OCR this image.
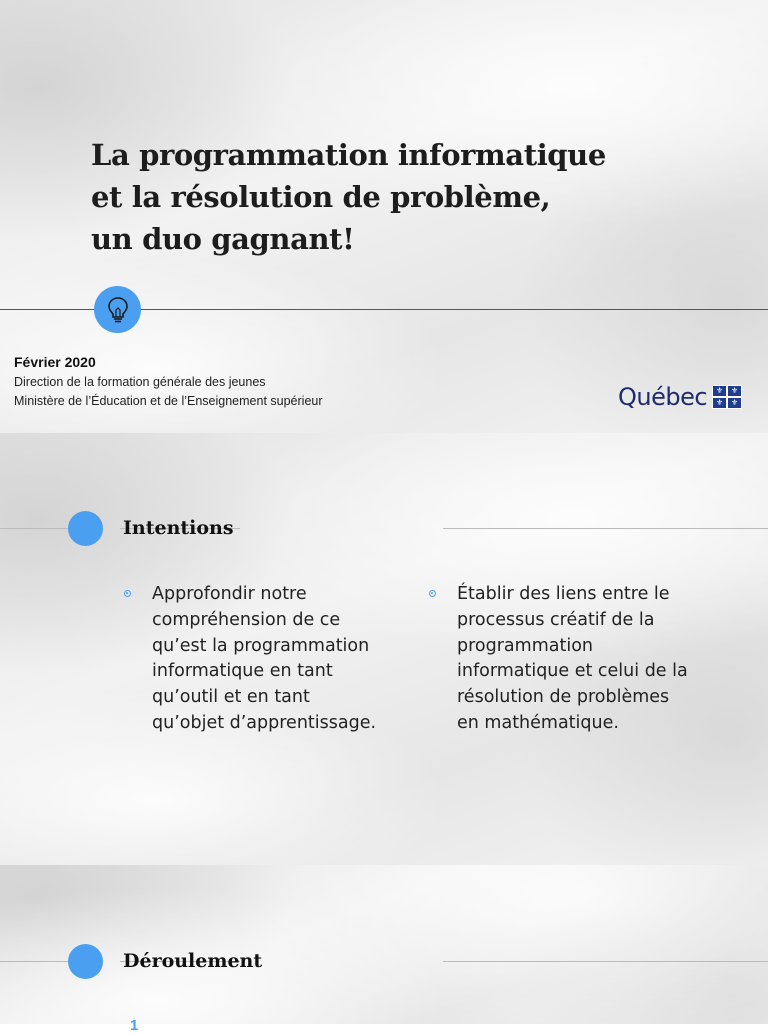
La programmation informatique
et la résolution de problème,
un duo gagnant!
Février 2020
Direction de la formation générale des jeunes
Ministère de l’Éducation et de l’Enseignement supérieur	Québec	⚜ ⚜
⚜ ⚜
Intentions
Approfondir notre
compréhension de ce
qu’est la programmation
informatique en tant
qu’outil et en tant
qu’objet d’apprentissage.
Établir des liens entre le
processus créatif de la
programmation
informatique et celui de la
résolution de problèmes
en mathématique.
Déroulement
1
